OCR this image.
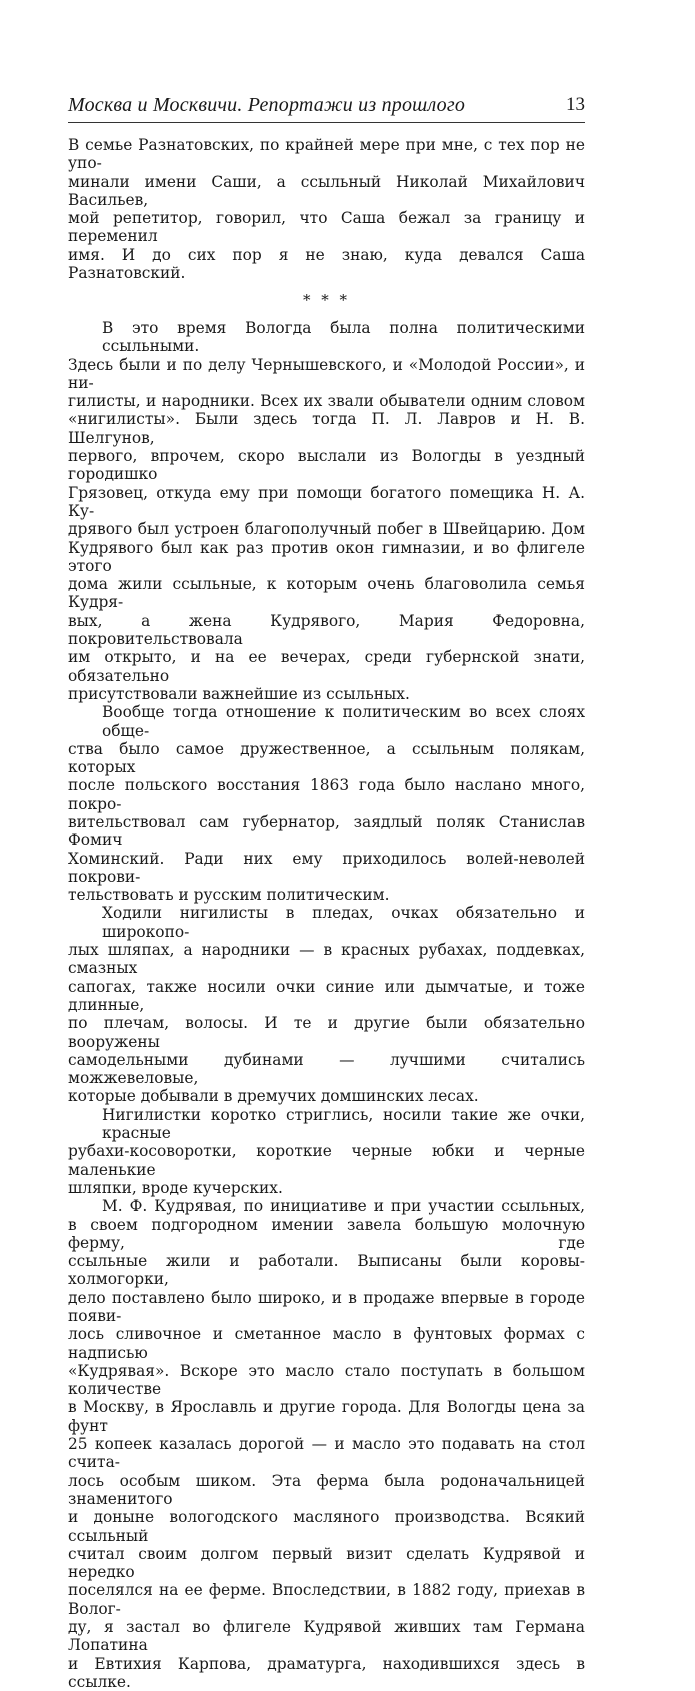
Москва и Москвичи. Репортажи из прошлого	13
В семье Разнатовских, по крайней мере при мне, с тех пор не упо-
минали имени Саши, а ссыльный Николай Михайлович Васильев,
мой репетитор, говорил, что Саша бежал за границу и переменил
имя. И до сих пор я не знаю, куда девался Саша Разнатовский.
* * *
В это время Вологда была полна политическими ссыльными.
Здесь были и по делу Чернышевского, и «Молодой России», и ни-
гилисты, и народники. Всех их звали обыватели одним словом
«нигилисты». Были здесь тогда П. Л. Лавров и Н. В. Шелгунов,
первого, впрочем, скоро выслали из Вологды в уездный городишко
Грязовец, откуда ему при помощи богатого помещика Н. А. Ку-
дрявого был устроен благополучный побег в Швейцарию. Дом
Кудрявого был как раз против окон гимназии, и во флигеле этого
дома жили ссыльные, к которым очень благоволила семья Кудря-
вых, а жена Кудрявого, Мария Федоровна, покровительствовала
им открыто, и на ее вечерах, среди губернской знати, обязательно
присутствовали важнейшие из ссыльных.
Вообще тогда отношение к политическим во всех слоях обще-
ства было самое дружественное, а ссыльным полякам, которых
после польского восстания 1863 года было наслано много, покро-
вительствовал сам губернатор, заядлый поляк Станислав Фомич
Хоминский. Ради них ему приходилось волей-неволей покрови-
тельствовать и русским политическим.
Ходили нигилисты в пледах, очках обязательно и широкопо-
лых шляпах, а народники — в красных рубахах, поддевках, смазных
сапогах, также носили очки синие или дымчатые, и тоже длинные,
по плечам, волосы. И те и другие были обязательно вооружены
самодельными дубинами — лучшими считались можжевеловые,
которые добывали в дремучих домшинских лесах.
Нигилистки коротко стриглись, носили такие же очки, красные
рубахи-косоворотки, короткие черные юбки и черные маленькие
шляпки, вроде кучерских.
М. Ф. Кудрявая, по инициативе и при участии ссыльных,
в своем подгородном имении завела большую молочную ферму, где
ссыльные жили и работали. Выписаны были коровы-холмогорки,
дело поставлено было широко, и в продаже впервые в городе появи-
лось сливочное и сметанное масло в фунтовых формах с надписью
«Кудрявая». Вскоре это масло стало поступать в большом количестве
в Москву, в Ярославль и другие города. Для Вологды цена за фунт
25 копеек казалась дорогой — и масло это подавать на стол счита-
лось особым шиком. Эта ферма была родоначальницей знаменитого
и доныне вологодского масляного производства. Всякий ссыльный
считал своим долгом первый визит сделать Кудрявой и нередко
поселялся на ее ферме. Впоследствии, в 1882 году, приехав в Волог-
ду, я застал во флигеле Кудрявой живших там Германа Лопатина
и Евтихия Карпова, драматурга, находившихся здесь в ссылке.
